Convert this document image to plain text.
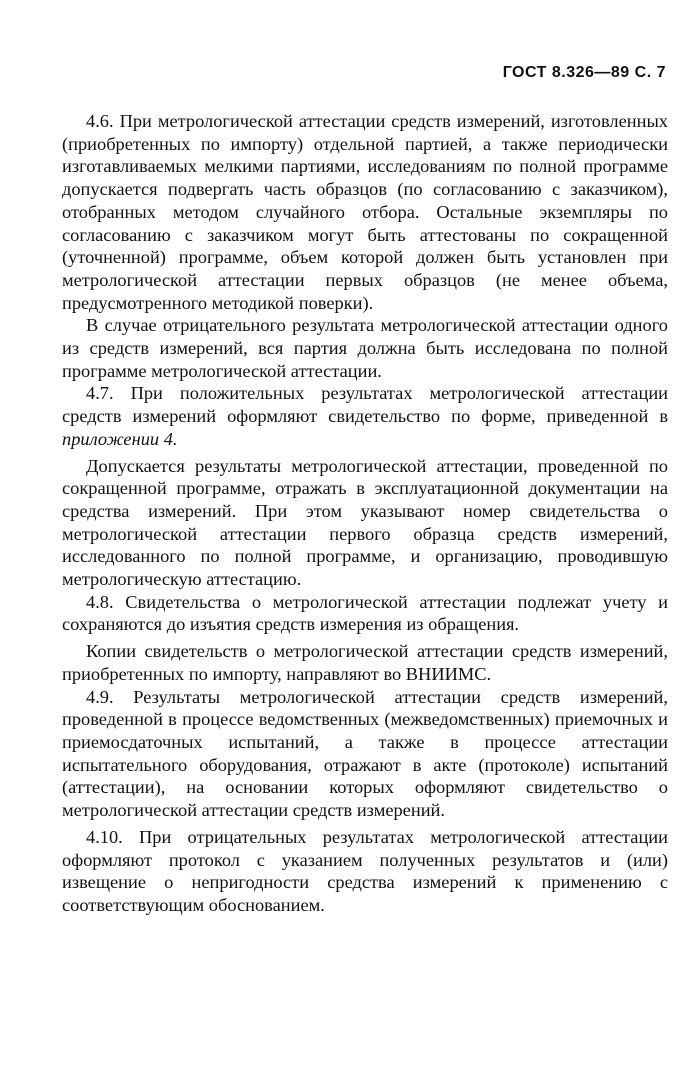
ГОСТ 8.326—89 С. 7

4.6. При метрологической аттестации средств измерений, изготовленных (приобретенных по импорту) отдельной партией, а также периодически изготавливаемых мелкими партиями, исследованиям по полной программе допускается подвергать часть образцов (по согласованию с заказчиком), отобранных методом случайного отбора. Остальные экземпляры по согласованию с заказчиком могут быть аттестованы по сокращенной (уточненной) программе, объем которой должен быть установлен при метрологической аттестации первых образцов (не менее объема, предусмотренного методикой поверки).

В случае отрицательного результата метрологической аттестации одного из средств измерений, вся партия должна быть исследована по полной программе метрологической аттестации.

4.7. При положительных результатах метрологической аттестации средств измерений оформляют свидетельство по форме, приведенной в приложении 4.

Допускается результаты метрологической аттестации, проведенной по сокращенной программе, отражать в эксплуатационной документации на средства измерений. При этом указывают номер свидетельства о метрологической аттестации первого образца средств измерений, исследованного по полной программе, и организацию, проводившую метрологическую аттестацию.

4.8. Свидетельства о метрологической аттестации подлежат учету и сохраняются до изъятия средств измерения из обращения.

Копии свидетельств о метрологической аттестации средств измерений, приобретенных по импорту, направляют во ВНИИМС.

4.9. Результаты метрологической аттестации средств измерений, проведенной в процессе ведомственных (межведомственных) приемочных и приемосдаточных испытаний, а также в процессе аттестации испытательного оборудования, отражают в акте (протоколе) испытаний (аттестации), на основании которых оформляют свидетельство о метрологической аттестации средств измерений.

4.10. При отрицательных результатах метрологической аттестации оформляют протокол с указанием полученных результатов и (или) извещение о непригодности средства измерений к применению с соответствующим обоснованием.
